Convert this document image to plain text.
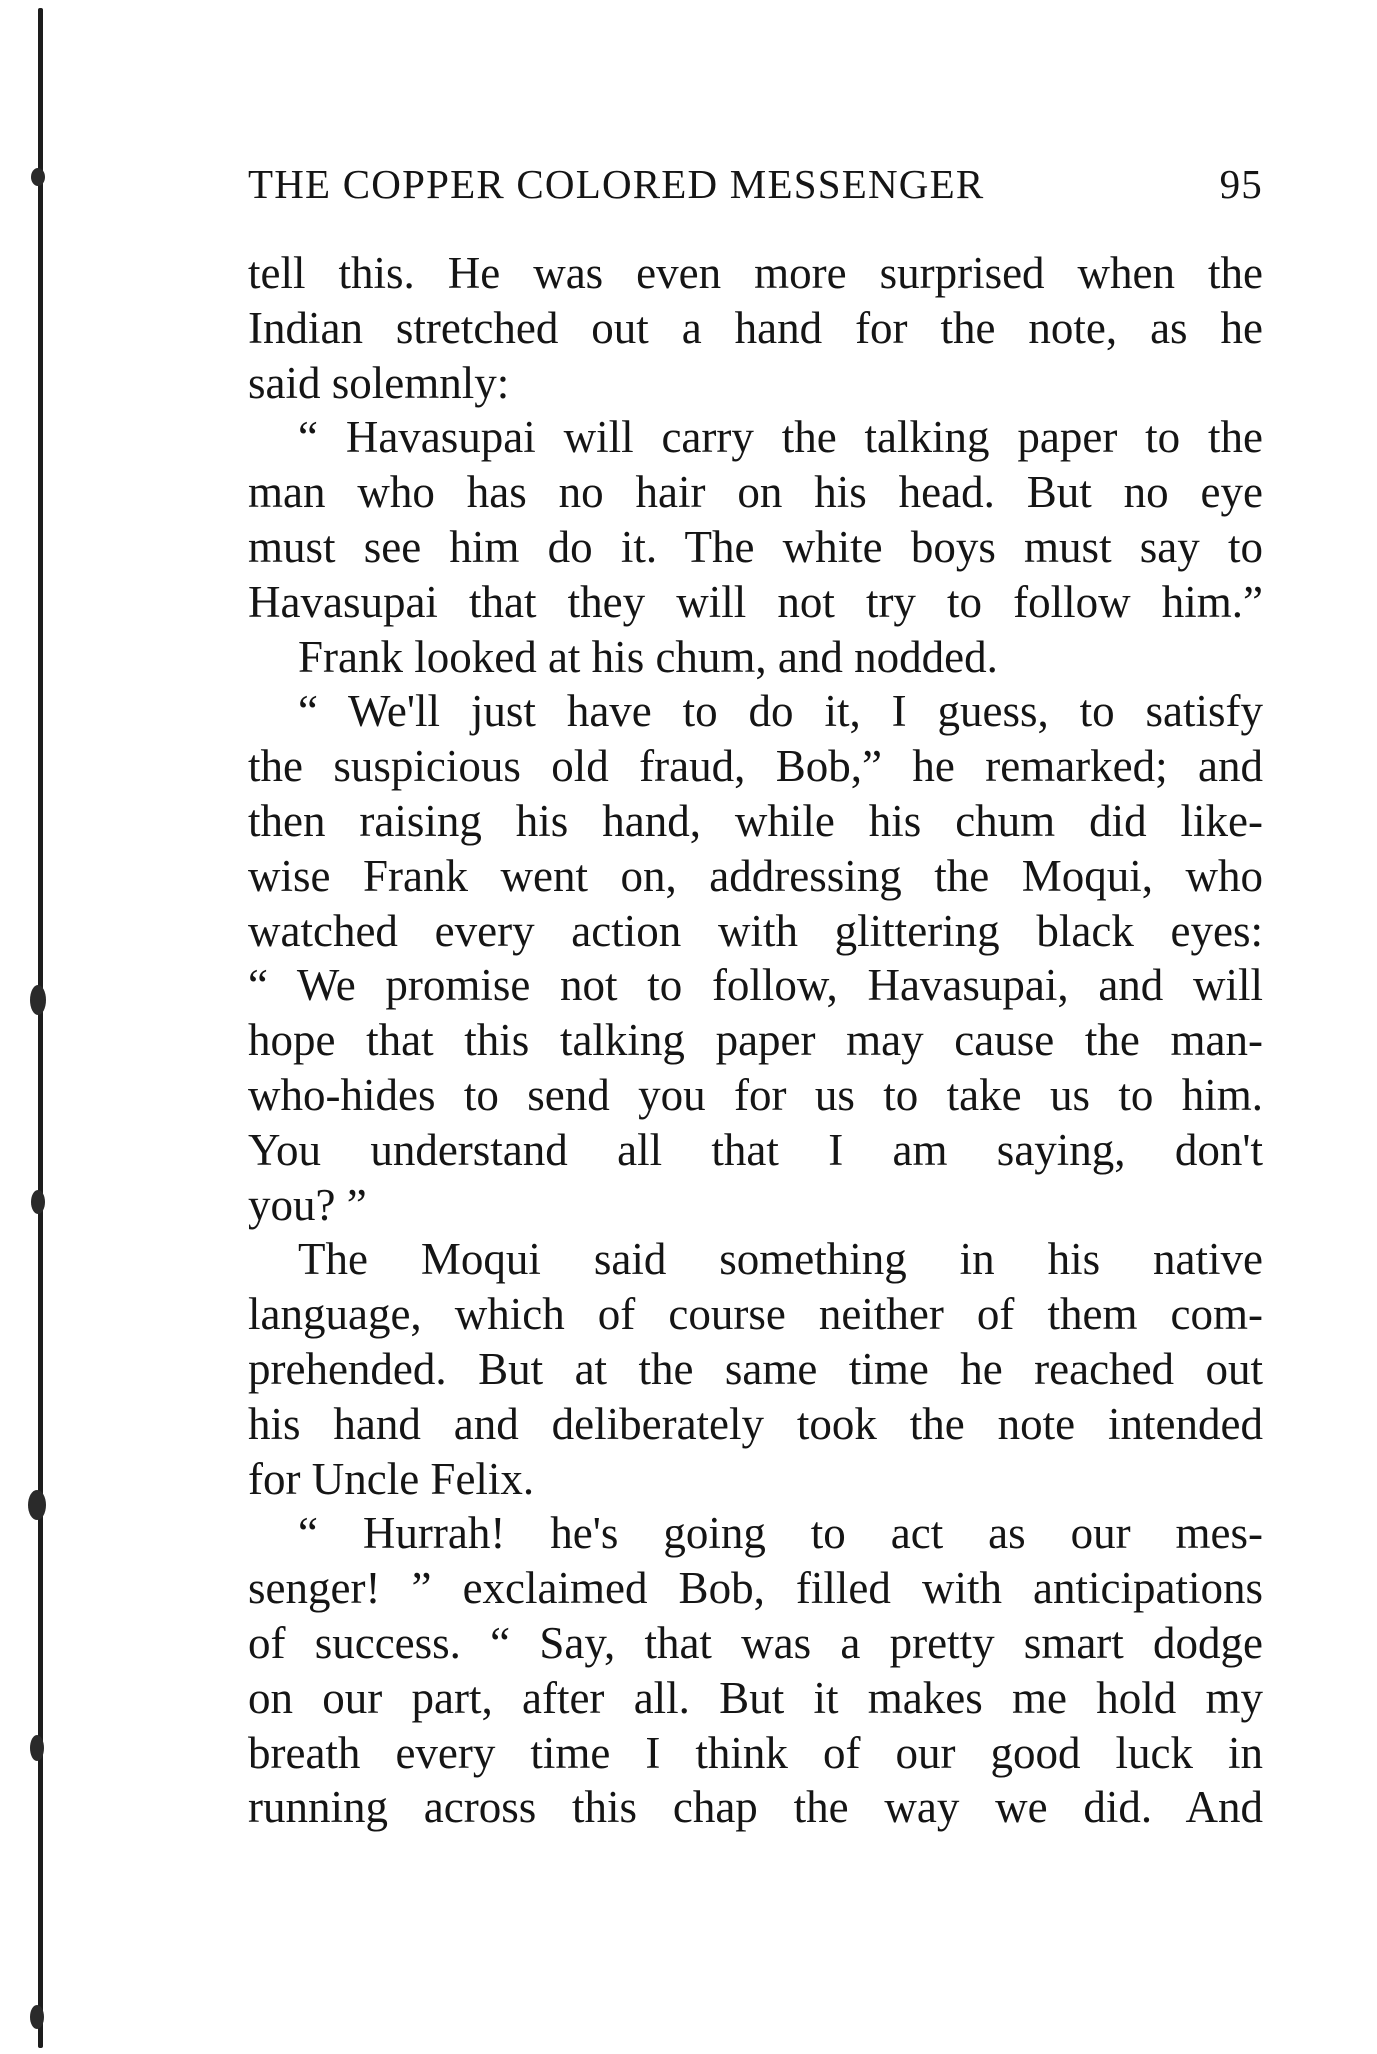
THE COPPER COLORED MESSENGER	95
tell this. He was even more surprised when the
Indian stretched out a hand for the note, as he
said solemnly:
“ Havasupai will carry the talking paper to the
man who has no hair on his head. But no eye
must see him do it. The white boys must say to
Havasupai that they will not try to follow him.”
Frank looked at his chum, and nodded.
“ We'll just have to do it, I guess, to satisfy
the suspicious old fraud, Bob,” he remarked; and
then raising his hand, while his chum did like-
wise Frank went on, addressing the Moqui, who
watched every action with glittering black eyes:
“ We promise not to follow, Havasupai, and will
hope that this talking paper may cause the man-
who-hides to send you for us to take us to him.
You understand all that I am saying, don't
you? ”
The Moqui said something in his native
language, which of course neither of them com-
prehended. But at the same time he reached out
his hand and deliberately took the note intended
for Uncle Felix.
“ Hurrah! he's going to act as our mes-
senger! ” exclaimed Bob, filled with anticipations
of success. “ Say, that was a pretty smart dodge
on our part, after all. But it makes me hold my
breath every time I think of our good luck in
running across this chap the way we did. And
